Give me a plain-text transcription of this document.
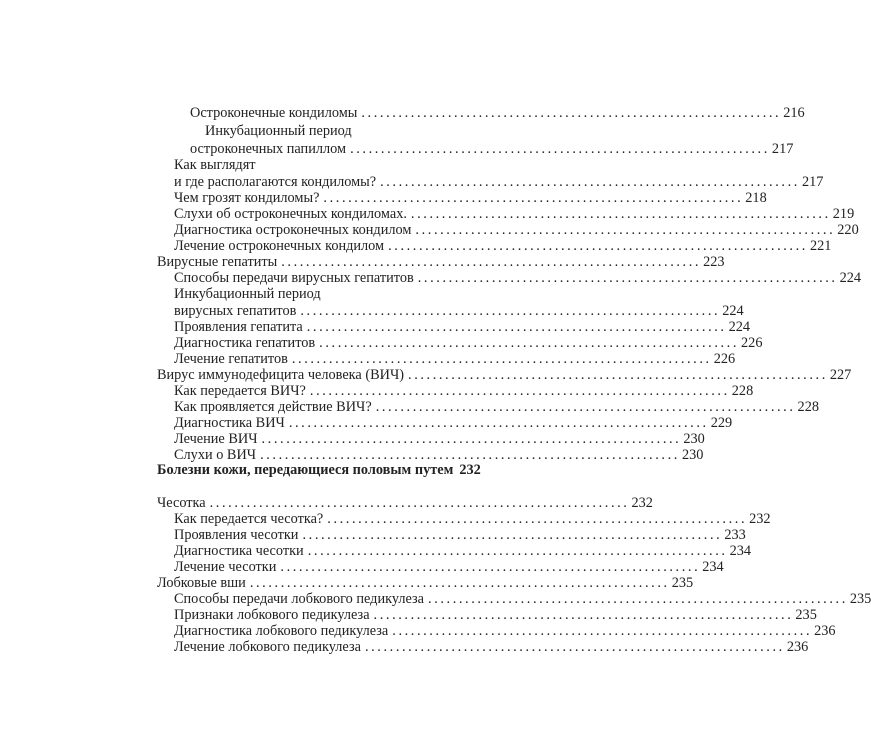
Остроконечные кондиломы .................................................................... 216
Инкубационный период
остроконечных папиллом .................................................................... 217
Как выглядят
и где располагаются кондиломы? .................................................................... 217
Чем грозят кондиломы? .................................................................... 218
Слухи об остроконечных кондиломах. .................................................................... 219
Диагностика остроконечных кондилом .................................................................... 220
Лечение остроконечных кондилом .................................................................... 221
Вирусные гепатиты .................................................................... 223
Способы передачи вирусных гепатитов .................................................................... 224
Инкубационный период
вирусных гепатитов .................................................................... 224
Проявления гепатита .................................................................... 224
Диагностика гепатитов .................................................................... 226
Лечение гепатитов .................................................................... 226
Вирус иммунодефицита человека (ВИЧ) .................................................................... 227
Как передается ВИЧ? .................................................................... 228
Как проявляется действие ВИЧ? .................................................................... 228
Диагностика ВИЧ .................................................................... 229
Лечение ВИЧ .................................................................... 230
Слухи о ВИЧ .................................................................... 230
Болезни кожи, передающиеся половым путем 232
Чесотка .................................................................... 232
Как передается чесотка? .................................................................... 232
Проявления чесотки .................................................................... 233
Диагностика чесотки .................................................................... 234
Лечение чесотки .................................................................... 234
Лобковые вши .................................................................... 235
Способы передачи лобкового педикулеза .................................................................... 235
Признаки лобкового педикулеза .................................................................... 235
Диагностика лобкового педикулеза .................................................................... 236
Лечение лобкового педикулеза .................................................................... 236
